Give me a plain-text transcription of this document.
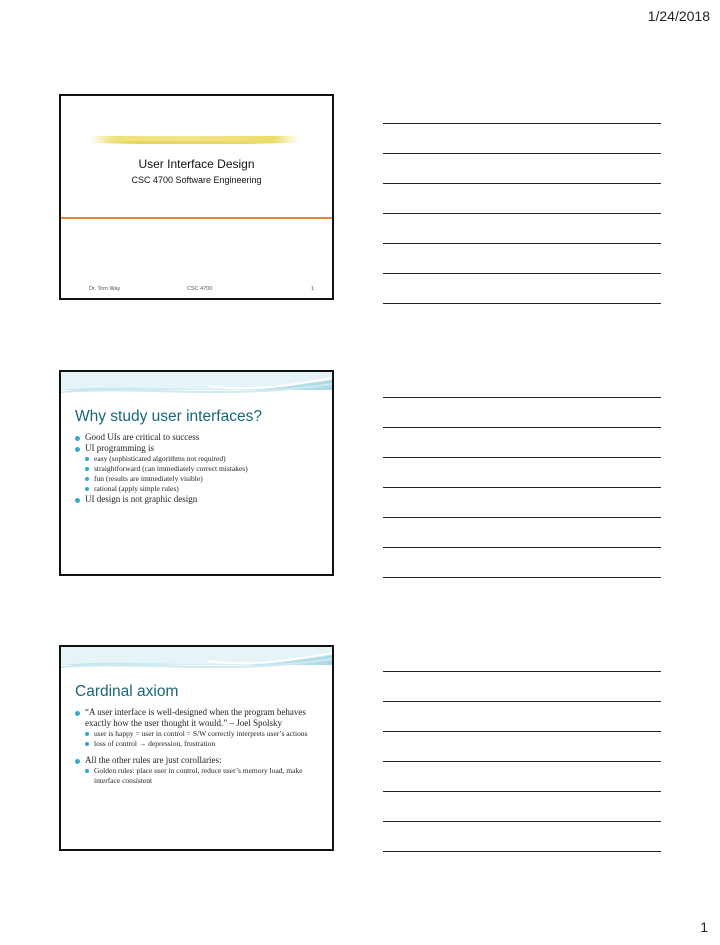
1/24/2018
User Interface Design
CSC 4700 Software Engineering
Dr. Tom Way	CSC 4700	1
Why study user interfaces?
Good UIs are critical to success
UI programming is
easy (sophisticated algorithms not required)
straightforward (can immediately correct mistakes)
fun (results are immediately visible)
rational (apply simple rules)
UI design is not graphic design
Cardinal axiom
“A user interface is well-designed when the program behaves exactly how the user thought it would.” – Joel Spolsky
user is happy = user in control = S/W correctly interprets user’s actions
loss of control → depression, frustration
All the other rules are just corollaries:
Golden rules: place user in control, reduce user’s memory load, make interface consistent
1
